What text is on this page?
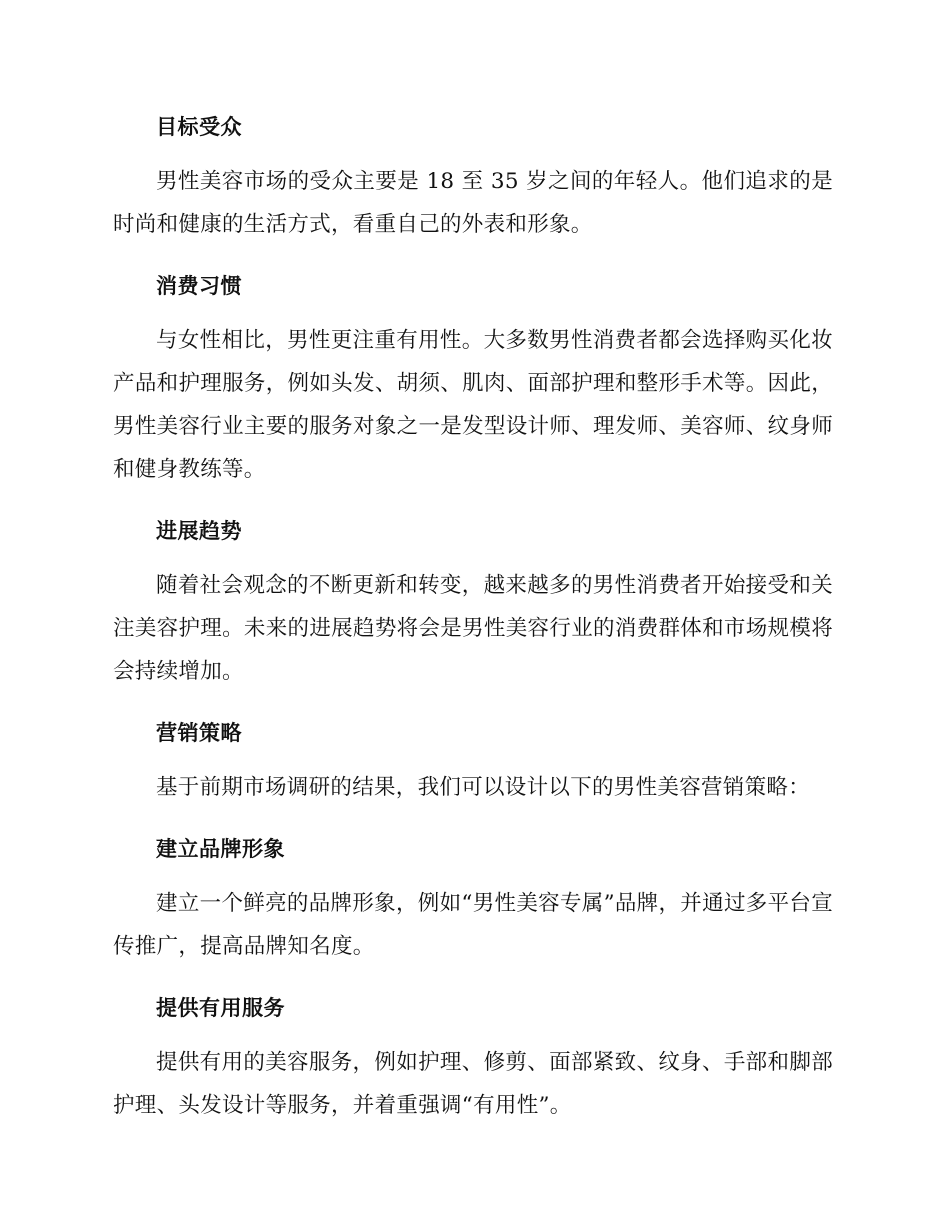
目标受众

男性美容市场的受众主要是 18 至 35 岁之间的年轻人。他们追求的是时尚和健康的生活方式，看重自己的外表和形象。

消费习惯

与女性相比，男性更注重有用性。大多数男性消费者都会选择购买化妆产品和护理服务，例如头发、胡须、肌肉、面部护理和整形手术等。因此，男性美容行业主要的服务对象之一是发型设计师、理发师、美容师、纹身师和健身教练等。

进展趋势

随着社会观念的不断更新和转变，越来越多的男性消费者开始接受和关注美容护理。未来的进展趋势将会是男性美容行业的消费群体和市场规模将会持续增加。

营销策略

基于前期市场调研的结果，我们可以设计以下的男性美容营销策略：

建立品牌形象

建立一个鲜亮的品牌形象，例如“男性美容专属”品牌，并通过多平台宣传推广，提高品牌知名度。

提供有用服务

提供有用的美容服务，例如护理、修剪、面部紧致、纹身、手部和脚部护理、头发设计等服务，并着重强调“有用性”。
